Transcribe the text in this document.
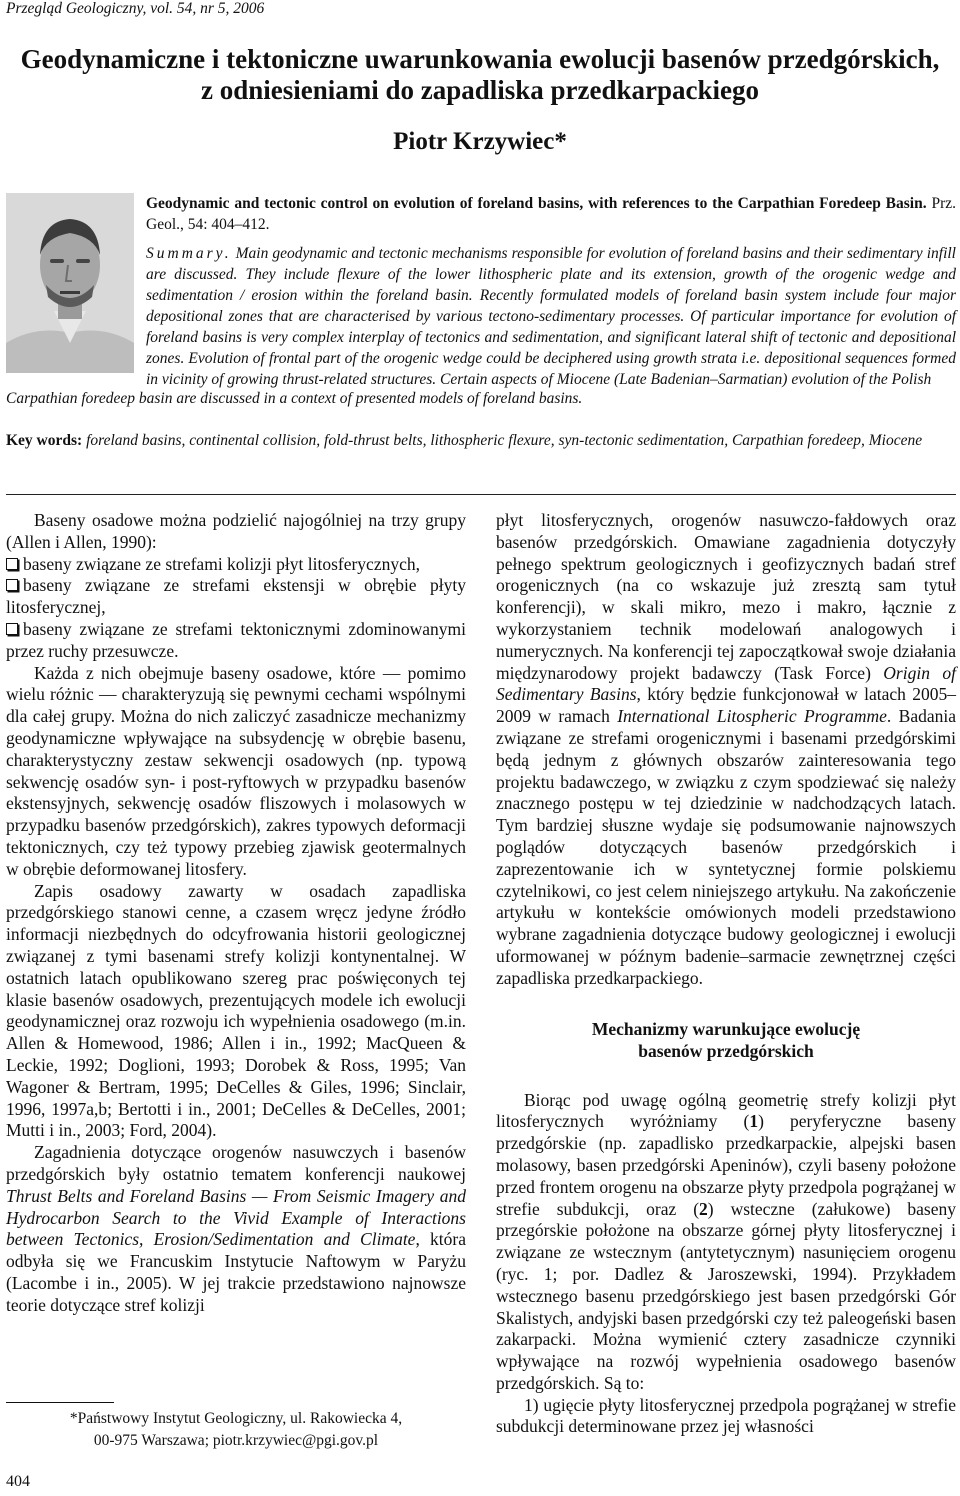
Przegląd Geologiczny, vol. 54, nr 5, 2006
Geodynamiczne i tektoniczne uwarunkowania ewolucji basenów przedgórskich,
z odniesieniami do zapadliska przedkarpackiego
Piotr Krzywiec*
Geodynamic and tectonic control on evolution of foreland basins, with references to the Carpathian Foredeep Basin. Prz. Geol., 54: 404–412.
Summary. Main geodynamic and tectonic mechanisms responsible for evolution of foreland basins and their sedimentary infill are discussed. They include flexure of the lower lithospheric plate and its extension, growth of the orogenic wedge and sedimentation / erosion within the foreland basin. Recently formulated models of foreland basin system include four major depositional zones that are characterised by various tectono-sedimentary processes. Of particular importance for evolution of foreland basins is very complex interplay of tectonics and sedimentation, and significant lateral shift of tectonic and depositional zones. Evolution of frontal part of the orogenic wedge could be deciphered using growth strata i.e. depositional sequences formed in vicinity of growing thrust-related structures. Certain aspects of Miocene (Late Badenian–Sarmatian) evolution of the Polish
Carpathian foredeep basin are discussed in a context of presented models of foreland basins.
Key words: foreland basins, continental collision, fold-thrust belts, lithospheric flexure, syn-tectonic sedimentation, Carpathian foredeep, Miocene

Baseny osadowe można podzielić najogólniej na trzy grupy (Allen i Allen, 1990):

baseny związane ze strefami kolizji płyt litosferycznych,

baseny związane ze strefami ekstensji w obrębie płyty litosferycznej,

baseny związane ze strefami tektonicznymi zdominowanymi przez ruchy przesuwcze.

Każda z nich obejmuje baseny osadowe, które — pomimo wielu różnic — charakteryzują się pewnymi cechami wspólnymi dla całej grupy. Można do nich zaliczyć zasadnicze mechanizmy geodynamiczne wpływające na subsydencję w obrębie basenu, charakterystyczny zestaw sekwencji osadowych (np. typową sekwencję osadów syn- i post-ryftowych w przypadku basenów ekstensyjnych, sekwencję osadów fliszowych i molasowych w przypadku basenów przedgórskich), zakres typowych deformacji tektonicznych, czy też typowy przebieg zjawisk geotermalnych w obrębie deformowanej litosfery.

Zapis osadowy zawarty w osadach zapadliska przedgórskiego stanowi cenne, a czasem wręcz jedyne źródło informacji niezbędnych do odcyfrowania historii geologicznej związanej z tymi basenami strefy kolizji kontynentalnej. W ostatnich latach opublikowano szereg prac poświęconych tej klasie basenów osadowych, prezentujących modele ich ewolucji geodynamicznej oraz rozwoju ich wypełnienia osadowego (m.in. Allen & Homewood, 1986; Allen i in., 1992; MacQueen & Leckie, 1992; Doglioni, 1993; Dorobek & Ross, 1995; Van Wagoner & Bertram, 1995; DeCelles & Giles, 1996; Sinclair, 1996, 1997a,b; Bertotti i in., 2001; DeCelles & DeCelles, 2001; Mutti i in., 2003; Ford, 2004).

Zagadnienia dotyczące orogenów nasuwczych i basenów przedgórskich były ostatnio tematem konferencji naukowej Thrust Belts and Foreland Basins — From Seismic Imagery and Hydrocarbon Search to the Vivid Example of Interactions between Tectonics, Erosion/Sedimentation and Climate, która odbyła się we Francuskim Instytucie Naftowym w Paryżu (Lacombe i in., 2005). W jej trakcie przedstawiono najnowsze teorie dotyczące stref kolizji

płyt litosferycznych, orogenów nasuwczo-fałdowych oraz basenów przedgórskich. Omawiane zagadnienia dotyczyły pełnego spektrum geologicznych i geofizycznych badań stref orogenicznych (na co wskazuje już zresztą sam tytuł konferencji), w skali mikro, mezo i makro, łącznie z wykorzystaniem technik modelowań analogowych i numerycznych. Na konferencji tej zapoczątkował swoje działania międzynarodowy projekt badawczy (Task Force) Origin of Sedimentary Basins, który będzie funkcjonował w latach 2005–2009 w ramach International Litospheric Programme. Badania związane ze strefami orogenicznymi i basenami przedgórskimi będą jednym z głównych obszarów zainteresowania tego projektu badawczego, w związku z czym spodziewać się należy znacznego postępu w tej dziedzinie w nadchodzących latach. Tym bardziej słuszne wydaje się podsumowanie najnowszych poglądów dotyczących basenów przedgórskich i zaprezentowanie ich w syntetycznej formie polskiemu czytelnikowi, co jest celem niniejszego artykułu. Na zakończenie artykułu w kontekście omówionych modeli przedstawiono wybrane zagadnienia dotyczące budowy geologicznej i ewolucji uformowanej w późnym badenie–sarmacie zewnętrznej części zapadliska przedkarpackiego.

Mechanizmy warunkujące ewolucję
basenów przedgórskich

Biorąc pod uwagę ogólną geometrię strefy kolizji płyt litosferycznych wyróżniamy (1) peryferyczne baseny przedgórskie (np. zapadlisko przedkarpackie, alpejski basen molasowy, basen przedgórski Apeninów), czyli baseny położone przed frontem orogenu na obszarze płyty przedpola pogrążanej w strefie subdukcji, oraz (2) wsteczne (załukowe) baseny przegórskie położone na obszarze górnej płyty litosferycznej i związane ze wstecznym (antytetycznym) nasunięciem orogenu (ryc. 1; por. Dadlez & Jaroszewski, 1994). Przykładem wstecznego basenu przedgórskiego jest basen przedgórski Gór Skalistych, andyjski basen przedgórski czy też paleogeński basen zakarpacki. Można wymienić cztery zasadnicze czynniki wpływające na rozwój wypełnienia osadowego basenów przedgórskich. Są to:

1) ugięcie płyty litosferycznej przedpola pogrążanej w strefie subdukcji determinowane przez jej własności

*Państwowy Instytut Geologiczny, ul. Rakowiecka 4,
00-975 Warszawa; piotr.krzywiec@pgi.gov.pl
404
